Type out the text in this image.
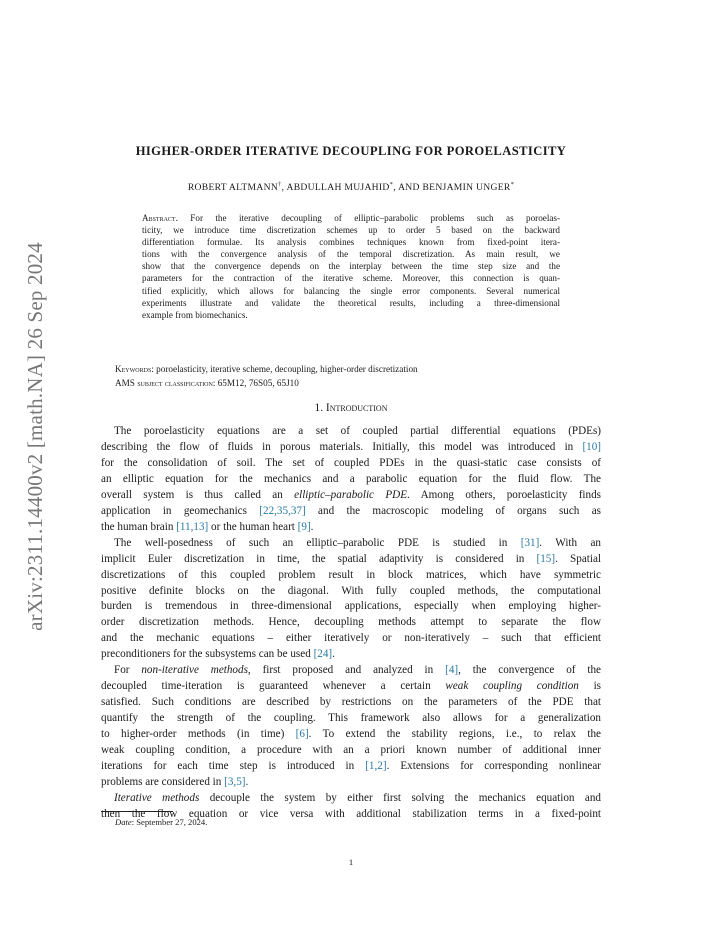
arXiv:2311.14400v2 [math.NA] 26 Sep 2024
HIGHER-ORDER ITERATIVE DECOUPLING FOR POROELASTICITY
ROBERT ALTMANN†, ABDULLAH MUJAHID*, AND BENJAMIN UNGER*
Abstract. For the iterative decoupling of elliptic–parabolic problems such as poroelas-
ticity, we introduce time discretization schemes up to order 5 based on the backward
differentiation formulae. Its analysis combines techniques known from fixed-point itera-
tions with the convergence analysis of the temporal discretization. As main result, we
show that the convergence depends on the interplay between the time step size and the
parameters for the contraction of the iterative scheme. Moreover, this connection is quan-
tified explicitly, which allows for balancing the single error components. Several numerical
experiments illustrate and validate the theoretical results, including a three-dimensional
example from biomechanics.
Keywords: poroelasticity, iterative scheme, decoupling, higher-order discretization
AMS subject classification: 65M12, 76S05, 65J10
1. Introduction
The poroelasticity equations are a set of coupled partial differential equations (PDEs)
describing the flow of fluids in porous materials. Initially, this model was introduced in [10]
for the consolidation of soil. The set of coupled PDEs in the quasi-static case consists of
an elliptic equation for the mechanics and a parabolic equation for the fluid flow. The
overall system is thus called an elliptic–parabolic PDE. Among others, poroelasticity finds
application in geomechanics [22,35,37] and the macroscopic modeling of organs such as
the human brain [11,13] or the human heart [9].
The well-posedness of such an elliptic–parabolic PDE is studied in [31]. With an
implicit Euler discretization in time, the spatial adaptivity is considered in [15]. Spatial
discretizations of this coupled problem result in block matrices, which have symmetric
positive definite blocks on the diagonal. With fully coupled methods, the computational
burden is tremendous in three-dimensional applications, especially when employing higher-
order discretization methods. Hence, decoupling methods attempt to separate the flow
and the mechanic equations – either iteratively or non-iteratively – such that efficient
preconditioners for the subsystems can be used [24].
For non-iterative methods, first proposed and analyzed in [4], the convergence of the
decoupled time-iteration is guaranteed whenever a certain weak coupling condition is
satisfied. Such conditions are described by restrictions on the parameters of the PDE that
quantify the strength of the coupling. This framework also allows for a generalization
to higher-order methods (in time) [6]. To extend the stability regions, i.e., to relax the
weak coupling condition, a procedure with an a priori known number of additional inner
iterations for each time step is introduced in [1,2]. Extensions for corresponding nonlinear
problems are considered in [3,5].
Iterative methods decouple the system by either first solving the mechanics equation and
then the flow equation or vice versa with additional stabilization terms in a fixed-point
Date: September 27, 2024.
1
